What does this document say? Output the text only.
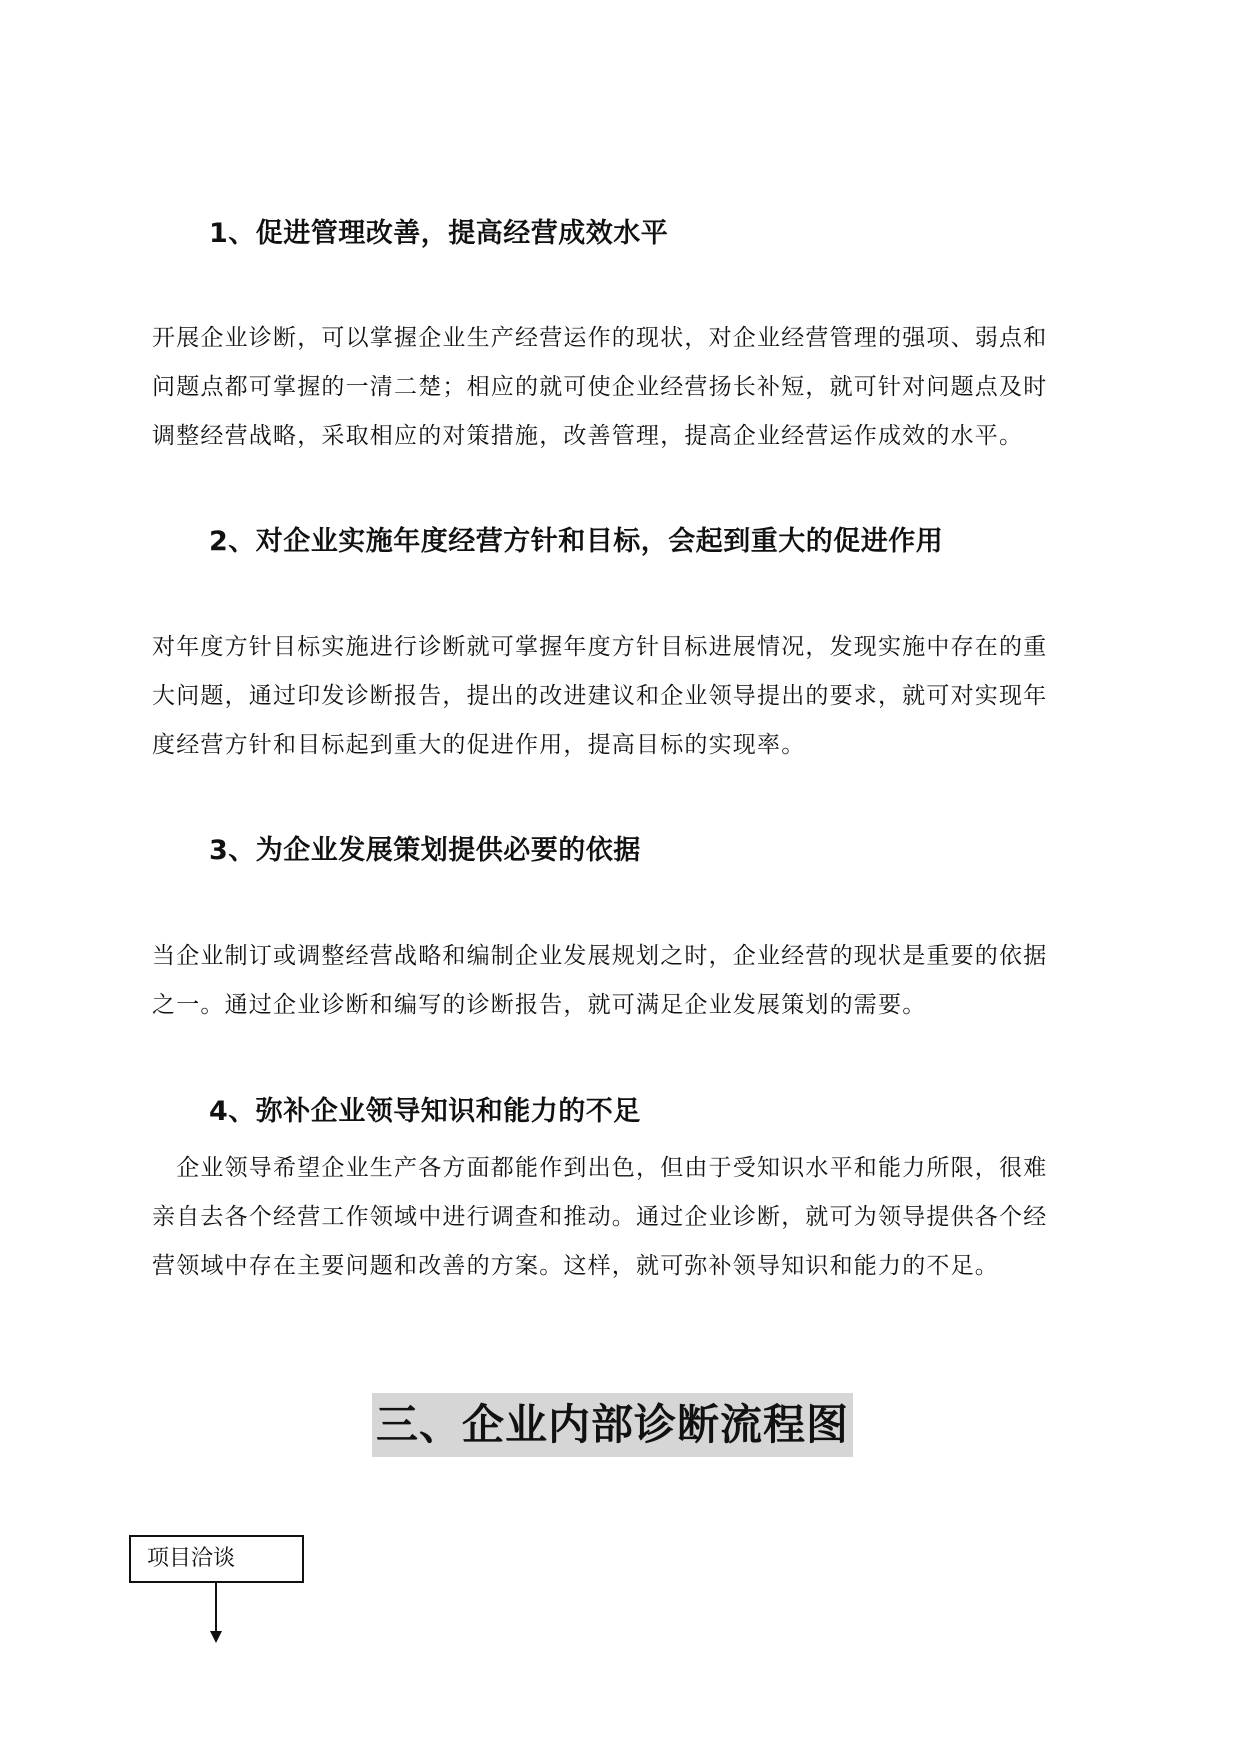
1、促进管理改善，提高经营成效水平
开展企业诊断，可以掌握企业生产经营运作的现状，对企业经营管理的强项、弱点和
问题点都可掌握的一清二楚；相应的就可使企业经营扬长补短，就可针对问题点及时
调整经营战略，采取相应的对策措施，改善管理，提高企业经营运作成效的水平。
2、对企业实施年度经营方针和目标，会起到重大的促进作用
对年度方针目标实施进行诊断就可掌握年度方针目标进展情况，发现实施中存在的重
大问题，通过印发诊断报告，提出的改进建议和企业领导提出的要求，就可对实现年
度经营方针和目标起到重大的促进作用，提高目标的实现率。
3、为企业发展策划提供必要的依据
当企业制订或调整经营战略和编制企业发展规划之时，企业经营的现状是重要的依据
之一。通过企业诊断和编写的诊断报告，就可满足企业发展策划的需要。
4、弥补企业领导知识和能力的不足
　企业领导希望企业生产各方面都能作到出色，但由于受知识水平和能力所限，很难
亲自去各个经营工作领域中进行调查和推动。通过企业诊断，就可为领导提供各个经
营领域中存在主要问题和改善的方案。这样，就可弥补领导知识和能力的不足。
三、企业内部诊断流程图
项目洽谈
